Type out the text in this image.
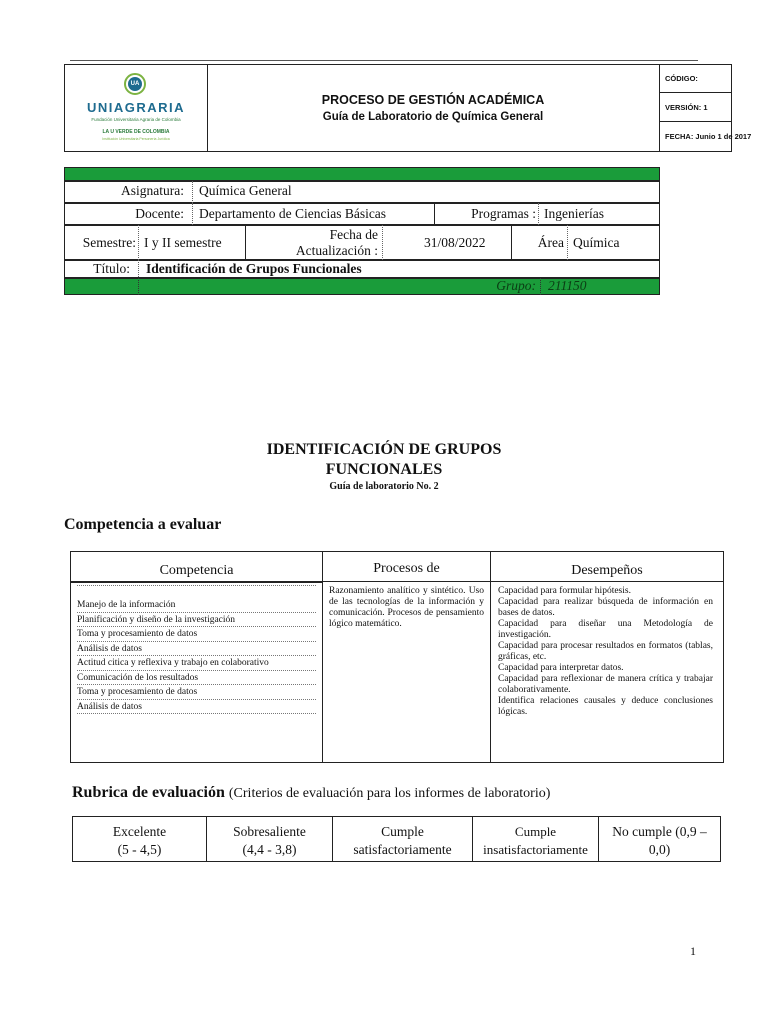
UA
UNIAGRARIA
Fundación Universitaria Agraria de Colombia
LA U VERDE DE COLOMBIA
Institución Universitaria Personería Jurídica
PROCESO DE GESTIÓN ACADÉMICA
Guía de Laboratorio de Química General
CÓDIGO:
VERSIÓN: 1
FECHA: Junio 1 de 2017
Asignatura: Química General
Docente: Departamento de Ciencias Básicas	Programas : Ingenierías
Semestre: I y II semestre
Fecha de
Actualización :
31/08/2022	Área Química
Título: Identificación de Grupos Funcionales
Grupo: 211150
IDENTIFICACIÓN DE GRUPOS
FUNCIONALES
Guía de laboratorio No. 2
Competencia a evaluar
Competencia
Manejo de la información
Planificación y diseño de la investigación
Toma y procesamiento de datos
Análisis de datos
Actitud citica y reflexiva y trabajo en colaborativo
Comunicación de los resultados
Toma y procesamiento de datos
Análisis de datos
Procesos de
Razonamiento analítico y sintético. Uso de las tecnologías de la información y comunicación. Procesos de pensamiento lógico matemático.
Desempeños
Capacidad para formular hipótesis.
Capacidad para realizar búsqueda de información en bases de datos.
Capacidad para diseñar una Metodología de investigación.
Capacidad para procesar resultados en formatos (tablas, gráficas, etc.
Capacidad para interpretar datos.
Capacidad para reflexionar de manera crítica y trabajar colaborativamente.
Identifica relaciones causales y deduce conclusiones lógicas.
Rubrica de evaluación (Criterios de evaluación para los informes de laboratorio)
Excelente
(5 - 4,5)
Sobresaliente
(4,4 - 3,8)
Cumple
satisfactoriamente
Cumple
insatisfactoriamente
No cumple (0,9 –
0,0)
1
